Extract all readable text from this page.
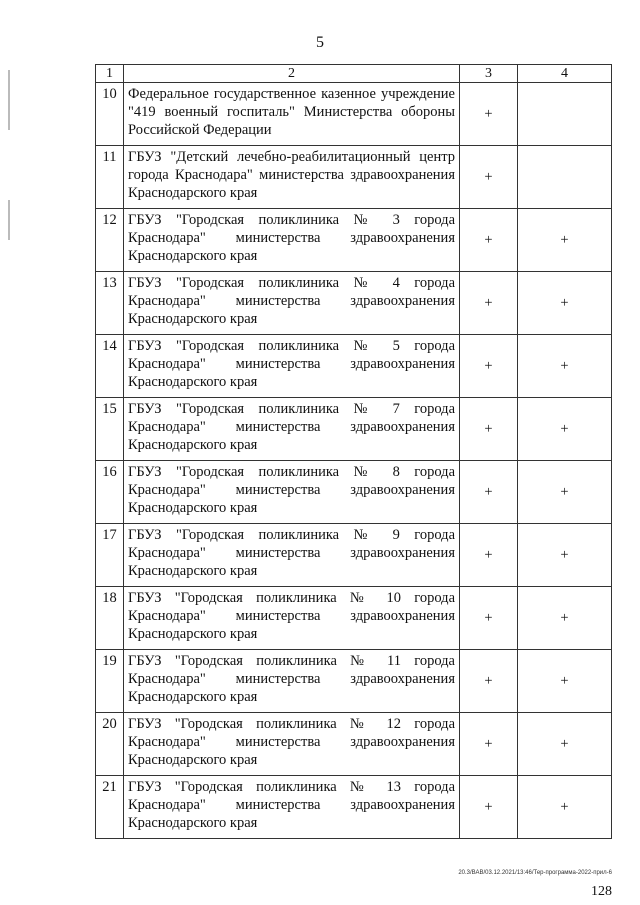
5
1	2	3	4
10	Федеральное государственное казенное учреждение "419 военный госпиталь" Министерства обороны Российской Федерации	+	
11	ГБУЗ "Детский лечебно-реабилитационный центр города Краснодара" министерства здравоохранения Краснодарского края	+	
12	ГБУЗ "Городская поликлиника № 3 города Краснодара" министерства здравоохранения Краснодарского края	+	+
13	ГБУЗ "Городская поликлиника № 4 города Краснодара" министерства здравоохранения Краснодарского края	+	+
14	ГБУЗ "Городская поликлиника № 5 города Краснодара" министерства здравоохранения Краснодарского края	+	+
15	ГБУЗ "Городская поликлиника № 7 города Краснодара" министерства здравоохранения Краснодарского края	+	+
16	ГБУЗ "Городская поликлиника № 8 города Краснодара" министерства здравоохранения Краснодарского края	+	+
17	ГБУЗ "Городская поликлиника № 9 города Краснодара" министерства здравоохранения Краснодарского края	+	+
18	ГБУЗ "Городская поликлиника № 10 города Краснодара" министерства здравоохранения Краснодарского края	+	+
19	ГБУЗ "Городская поликлиника № 11 города Краснодара" министерства здравоохранения Краснодарского края	+	+
20	ГБУЗ "Городская поликлиника № 12 города Краснодара" министерства здравоохранения Краснодарского края	+	+
21	ГБУЗ "Городская поликлиника № 13 города Краснодара" министерства здравоохранения Краснодарского края	+	+
20.3/ВАВ/03.12.2021/13:46/Тер-программа-2022-прил-6
128
